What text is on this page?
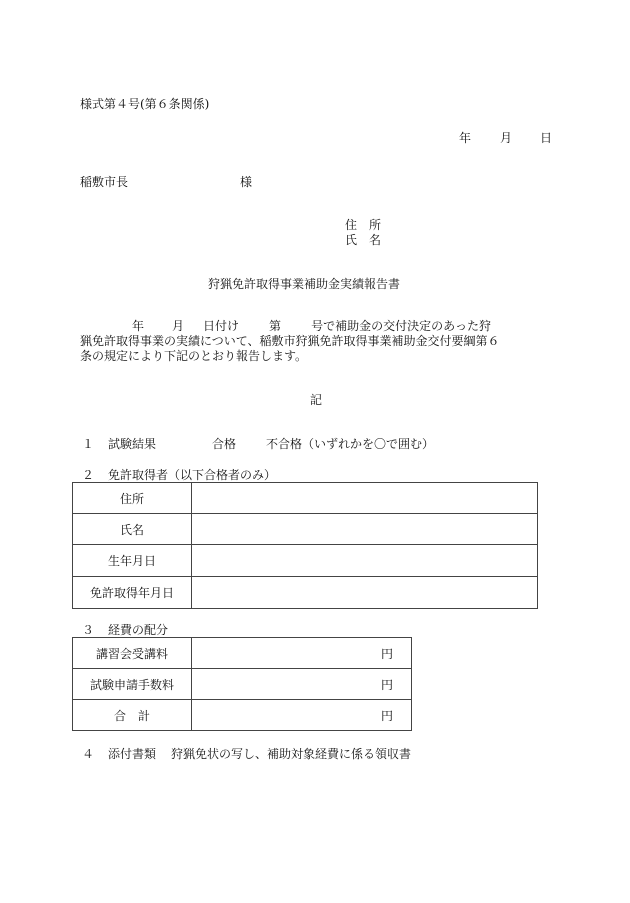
様式第４号(第６条関係)
年 月 日
稲敷市長	様
住　所
氏　名
狩猟免許取得事業補助金実績報告書
年 月 日付け	第	号で補助金の交付決定のあった狩
猟免許取得事業の実績について、稲敷市狩猟免許取得事業補助金交付要綱第６
条の規定により下記のとおり報告します。
記
１ 試験結果	合格 不合格（いずれかを〇で囲む）
２ 免許取得者（以下合格者のみ）
住所	
氏名	
生年月日	
免許取得年月日	
３ 経費の配分
講習会受講料	円
試験申請手数料	円
合　計	円
４ 添付書類 狩猟免状の写し、補助対象経費に係る領収書
